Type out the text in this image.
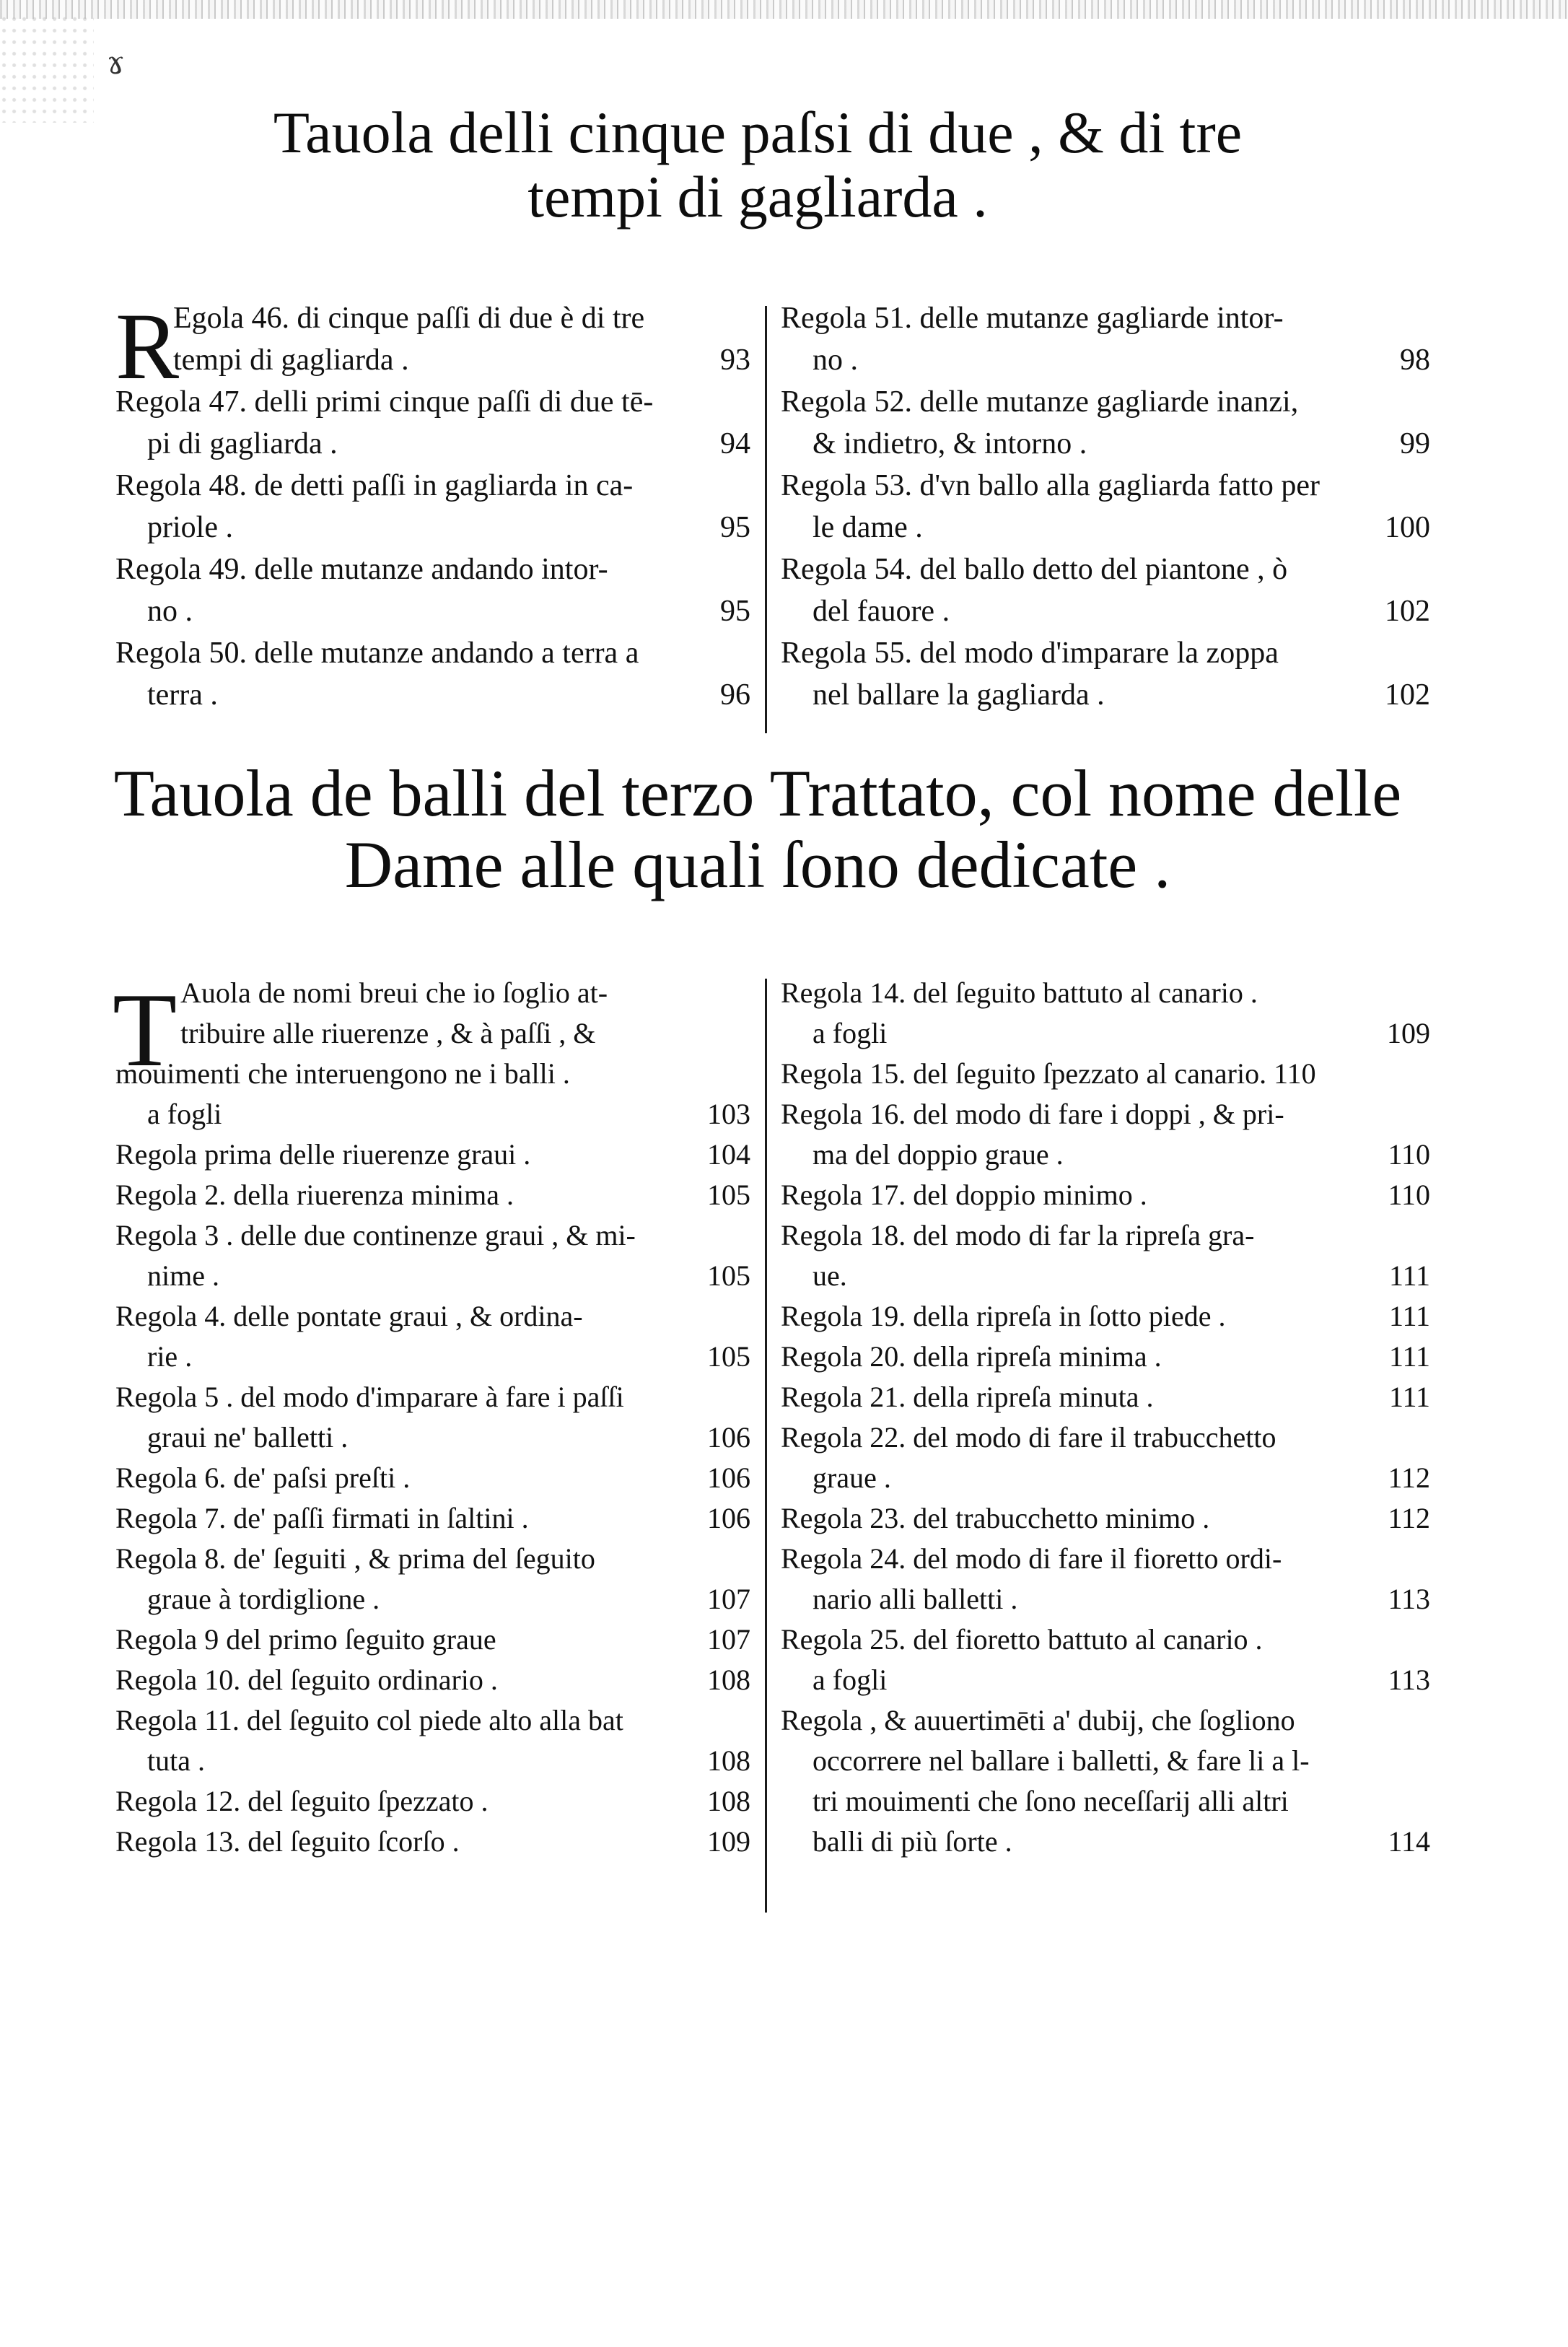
ɤ
Tauola delli cinque paſsi di due , & di tre
tempi di gagliarda .
R
Egola 46. di cinque paſſi di due è di tre
tempi di gagliarda .	93
Regola 47. delli primi cinque paſſi di due tē-
pi di gagliarda .	94
Regola 48. de detti paſſi in gagliarda in ca-
priole .	95
Regola 49. delle mutanze andando intor-
no .	95
Regola 50. delle mutanze andando a terra a
terra .	96
Regola 51. delle mutanze gagliarde intor-
no .	98
Regola 52. delle mutanze gagliarde inanzi,
& indietro, & intorno .	99
Regola 53. d'vn ballo alla gagliarda fatto per
le dame .	100
Regola 54. del ballo detto del piantone , ò
del fauore .	102
Regola 55. del modo d'imparare la zoppa
nel ballare la gagliarda .	102
Tauola de balli del terzo Trattato, col nome delle
Dame alle quali ſono dedicate .
T Auola de nomi breui che io ſoglio at-
tribuire alle riuerenze , & à paſſi , &
mouimenti che interuengono ne i balli .
a fogli	103
Regola prima delle riuerenze graui .	104
Regola 2. della riuerenza minima .	105
Regola 3 . delle due continenze graui , & mi-
nime .	105
Regola 4. delle pontate graui , & ordina-
rie .	105
Regola 5 . del modo d'imparare à fare i paſſi
graui ne' balletti .	106
Regola 6. de' paſsi preſti .	106
Regola 7. de' paſſi firmati in ſaltini .	106
Regola 8. de' ſeguiti , & prima del ſeguito
graue à tordiglione .	107
Regola 9 del primo ſeguito graue	107
Regola 10. del ſeguito ordinario .	108
Regola 11. del ſeguito col piede alto alla bat
tuta .	108
Regola 12. del ſeguito ſpezzato .	108
Regola 13. del ſeguito ſcorſo .	109
Regola 14. del ſeguito battuto al canario .
a fogli	109
Regola 15. del ſeguito ſpezzato al canario. 110
Regola 16. del modo di fare i doppi , & pri-
ma del doppio graue .	110
Regola 17. del doppio minimo .	110
Regola 18. del modo di far la ripreſa gra-
ue.	111
Regola 19. della ripreſa in ſotto piede .	111
Regola 20. della ripreſa minima .	111
Regola 21. della ripreſa minuta .	111
Regola 22. del modo di fare il trabucchetto
graue .	112
Regola 23. del trabucchetto minimo .	112
Regola 24. del modo di fare il fioretto ordi-
nario alli balletti .	113
Regola 25. del fioretto battuto al canario .
a fogli	113
Regola , & auuertimēti a' dubij, che ſogliono
occorrere nel ballare i balletti, & fare li a l-
tri mouimenti che ſono neceſſarij alli altri
balli di più ſorte .	114
